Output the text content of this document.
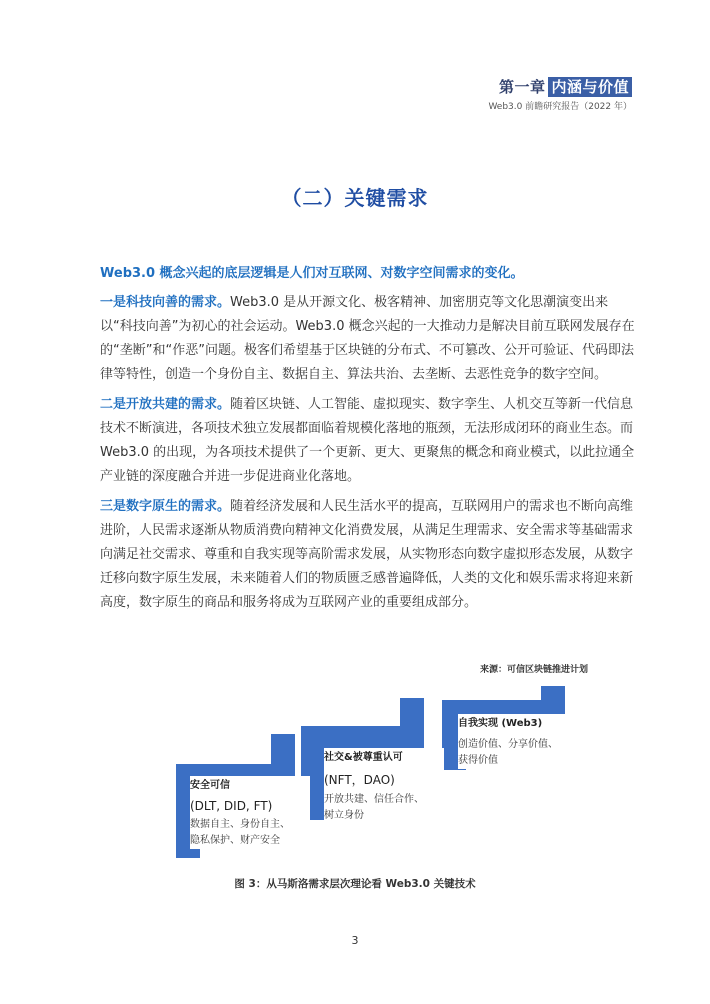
第一章 内涵与价值
Web3.0 前瞻研究报告（2022 年）
（二）关键需求

Web3.0 概念兴起的底层逻辑是人们对互联网、对数字空间需求的变化。

一是科技向善的需求。Web3.0 是从开源文化、极客精神、加密朋克等文化思潮演变出来以“科技向善”为初心的社会运动。Web3.0 概念兴起的一大推动力是解决目前互联网发展存在的“垄断”和“作恶”问题。极客们希望基于区块链的分布式、不可篡改、公开可验证、代码即法律等特性，创造一个身份自主、数据自主、算法共治、去垄断、去恶性竞争的数字空间。

二是开放共建的需求。随着区块链、人工智能、虚拟现实、数字孪生、人机交互等新一代信息技术不断演进，各项技术独立发展都面临着规模化落地的瓶颈，无法形成闭环的商业生态。而Web3.0 的出现，为各项技术提供了一个更新、更大、更聚焦的概念和商业模式，以此拉通全产业链的深度融合并进一步促进商业化落地。

三是数字原生的需求。随着经济发展和人民生活水平的提高，互联网用户的需求也不断向高维进阶，人民需求逐渐从物质消费向精神文化消费发展，从满足生理需求、安全需求等基础需求向满足社交需求、尊重和自我实现等高阶需求发展，从实物形态向数字虚拟形态发展，从数字迁移向数字原生发展，未来随着人们的物质匮乏感普遍降低，人类的文化和娱乐需求将迎来新高度，数字原生的商品和服务将成为互联网产业的重要组成部分。

来源：可信区块链推进计划
安全可信
(DLT, DID, FT)
数据自主、身份自主、
隐私保护、财产安全
社交&被尊重认可
(NFT，DAO)
开放共建、信任合作、
树立身份
自我实现 (Web3)
创造价值、分享价值、
获得价值
图 3：从马斯洛需求层次理论看 Web3.0 关键技术
3
